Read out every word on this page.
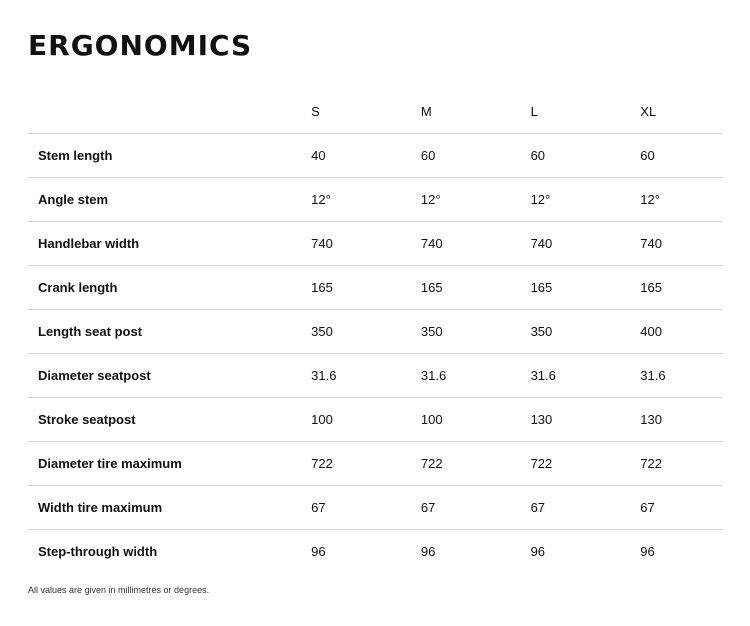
ERGONOMICS
	S	M	L	XL
Stem length	40	60	60	60
Angle stem	12°	12°	12°	12°
Handlebar width	740	740	740	740
Crank length	165	165	165	165
Length seat post	350	350	350	400
Diameter seatpost	31.6	31.6	31.6	31.6
Stroke seatpost	100	100	130	130
Diameter tire maximum	722	722	722	722
Width tire maximum	67	67	67	67
Step-through width	96	96	96	96
All values are given in millimetres or degrees.
